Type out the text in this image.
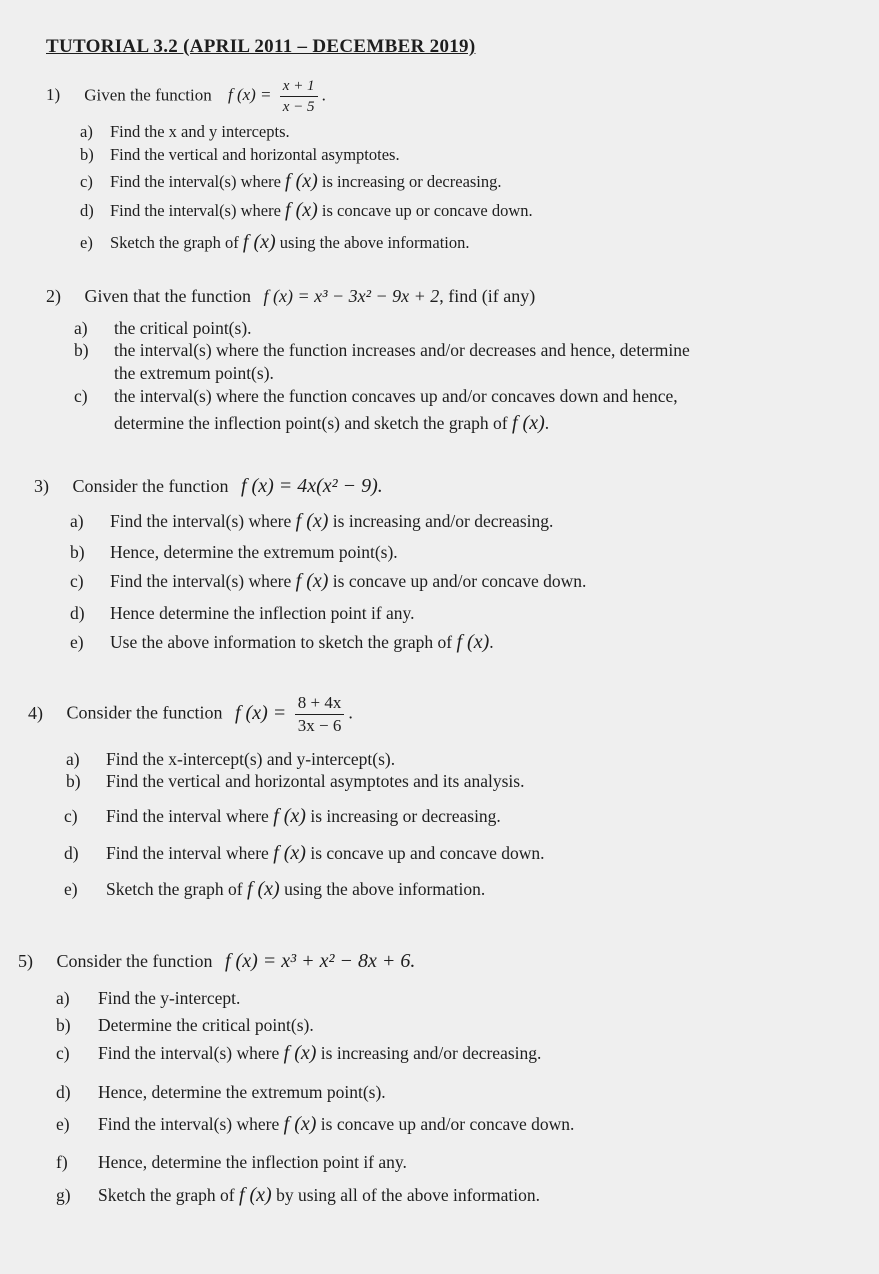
TUTORIAL 3.2 (APRIL 2011 – DECEMBER 2019)
1) Given the function f $(x) = \frac{x + 1}{x - 5}$ .
a) Find the x and y intercepts.
b) Find the vertical and horizontal asymptotes.
c) Find the interval(s) where f (x) is increasing or decreasing.
d) Find the interval(s) where f (x) is concave up or concave down.
e) Sketch the graph of f (x) using the above information.
2) Given that the function f (x) = x³ − 3x² − 9x + 2, find (if any)
a) the critical point(s).
b) the interval(s) where the function increases and/or decreases and hence, determine
the extremum point(s).
c) the interval(s) where the function concaves up and/or concaves down and hence,
determine the inflection point(s) and sketch the graph of f (x).
3) Consider the function f (x) = 4x(x² − 9).
a) Find the interval(s) where f (x) is increasing and/or decreasing.
b) Hence, determine the extremum point(s).
c) Find the interval(s) where f (x) is concave up and/or concave down.
d) Hence determine the inflection point if any.
e) Use the above information to sketch the graph of f (x).
4) Consider the function f $(x) = \frac{8 + 4x}{3x - 6}$ .
a) Find the x-intercept(s) and y-intercept(s).
b) Find the vertical and horizontal asymptotes and its analysis.
c) Find the interval where f (x) is increasing or decreasing.
d) Find the interval where f (x) is concave up and concave down.
e) Sketch the graph of f (x) using the above information.
5) Consider the function f (x) = x³ + x² − 8x + 6.
a) Find the y-intercept.
b) Determine the critical point(s).
c) Find the interval(s) where f (x) is increasing and/or decreasing.
d) Hence, determine the extremum point(s).
e) Find the interval(s) where f (x) is concave up and/or concave down.
f) Hence, determine the inflection point if any.
g) Sketch the graph of f (x) by using all of the above information.
